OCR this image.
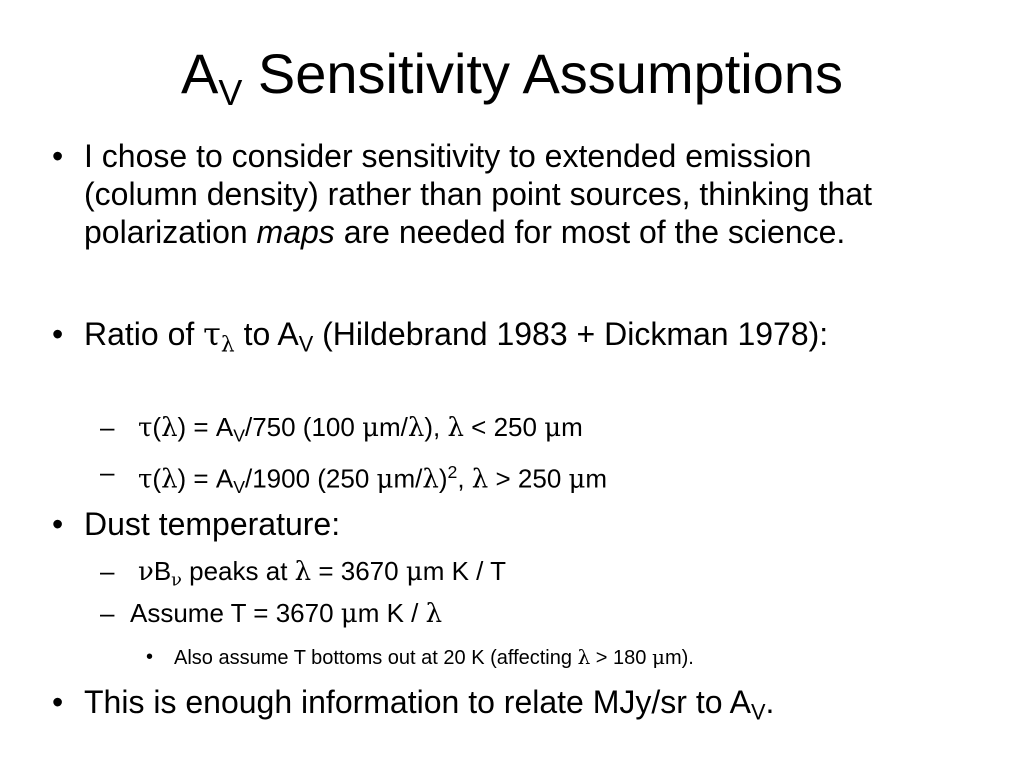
$A_V$ Sensitivity Assumptions
• I chose to consider sensitivity to extended emission (column density) rather than point sources, thinking that polarization maps are needed for most of the science.
• Ratio of $\tau_\lambda$ to $A_V$ (Hildebrand 1983 + Dickman 1978):
– $\tau(\lambda) = A_V/750$ (100 μm/λ), λ < 250 μm
– $\tau(\lambda) = A_V/1900$ (250 μm/λ)$^2$, λ > 250 μm
• Dust temperature:
– $\nu B_\nu$ peaks at λ = 3670 μm K / T
– Assume T = 3670 μm K / λ
• Also assume T bottoms out at 20 K (affecting λ > 180 μm).
• This is enough information to relate MJy/sr to $A_V$.
